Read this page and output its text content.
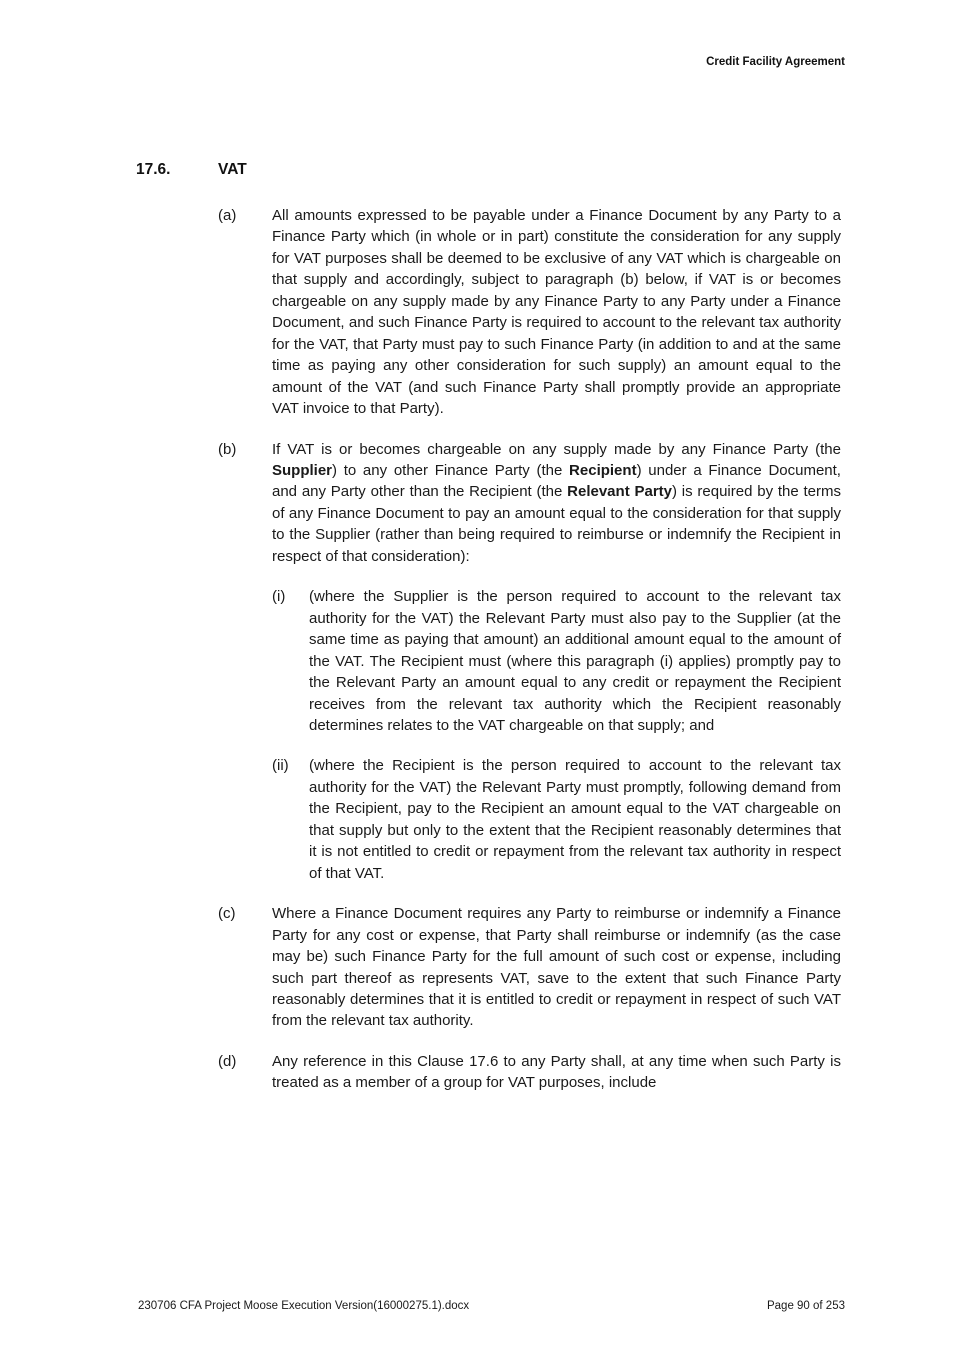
Credit Facility Agreement
17.6.	VAT
(a)	All amounts expressed to be payable under a Finance Document by any Party to a Finance Party which (in whole or in part) constitute the consideration for any supply for VAT purposes shall be deemed to be exclusive of any VAT which is chargeable on that supply and accordingly, subject to paragraph (b) below, if VAT is or becomes chargeable on any supply made by any Finance Party to any Party under a Finance Document, and such Finance Party is required to account to the relevant tax authority for the VAT, that Party must pay to such Finance Party (in addition to and at the same time as paying any other consideration for such supply) an amount equal to the amount of the VAT (and such Finance Party shall promptly provide an appropriate VAT invoice to that Party).
(b)	If VAT is or becomes chargeable on any supply made by any Finance Party (the Supplier) to any other Finance Party (the Recipient) under a Finance Document, and any Party other than the Recipient (the Relevant Party) is required by the terms of any Finance Document to pay an amount equal to the consideration for that supply to the Supplier (rather than being required to reimburse or indemnify the Recipient in respect of that consideration):
(i)	(where the Supplier is the person required to account to the relevant tax authority for the VAT) the Relevant Party must also pay to the Supplier (at the same time as paying that amount) an additional amount equal to the amount of the VAT. The Recipient must (where this paragraph (i) applies) promptly pay to the Relevant Party an amount equal to any credit or repayment the Recipient receives from the relevant tax authority which the Recipient reasonably determines relates to the VAT chargeable on that supply; and
(ii)	(where the Recipient is the person required to account to the relevant tax authority for the VAT) the Relevant Party must promptly, following demand from the Recipient, pay to the Recipient an amount equal to the VAT chargeable on that supply but only to the extent that the Recipient reasonably determines that it is not entitled to credit or repayment from the relevant tax authority in respect of that VAT.
(c)	Where a Finance Document requires any Party to reimburse or indemnify a Finance Party for any cost or expense, that Party shall reimburse or indemnify (as the case may be) such Finance Party for the full amount of such cost or expense, including such part thereof as represents VAT, save to the extent that such Finance Party reasonably determines that it is entitled to credit or repayment in respect of such VAT from the relevant tax authority.
(d)	Any reference in this Clause 17.6 to any Party shall, at any time when such Party is treated as a member of a group for VAT purposes, include
230706 CFA Project Moose Execution Version(16000275.1).docx	Page 90 of 253
